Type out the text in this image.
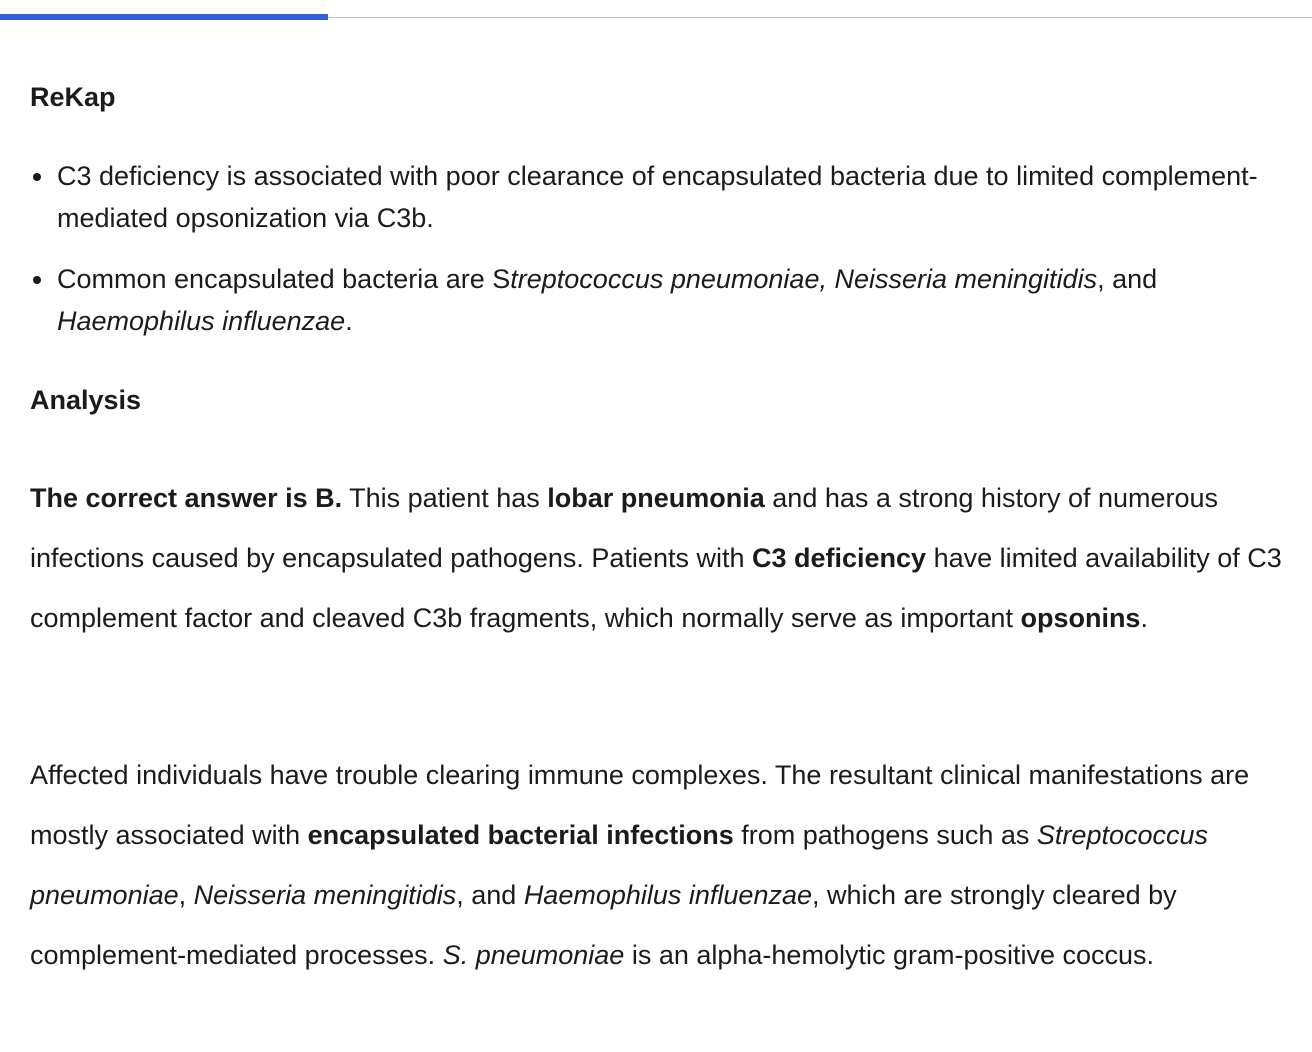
ReKap
C3 deficiency is associated with poor clearance of encapsulated bacteria due to limited complement-mediated opsonization via C3b.
Common encapsulated bacteria are Streptococcus pneumoniae, Neisseria meningitidis, and Haemophilus influenzae.
Analysis

The correct answer is B. This patient has lobar pneumonia and has a strong history of numerous infections caused by encapsulated pathogens. Patients with C3 deficiency have limited availability of C3 complement factor and cleaved C3b fragments, which normally serve as important opsonins.

Affected individuals have trouble clearing immune complexes. The resultant clinical manifestations are mostly associated with encapsulated bacterial infections from pathogens such as Streptococcus pneumoniae, Neisseria meningitidis, and Haemophilus influenzae, which are strongly cleared by complement-mediated processes. S. pneumoniae is an alpha-hemolytic gram-positive coccus.
